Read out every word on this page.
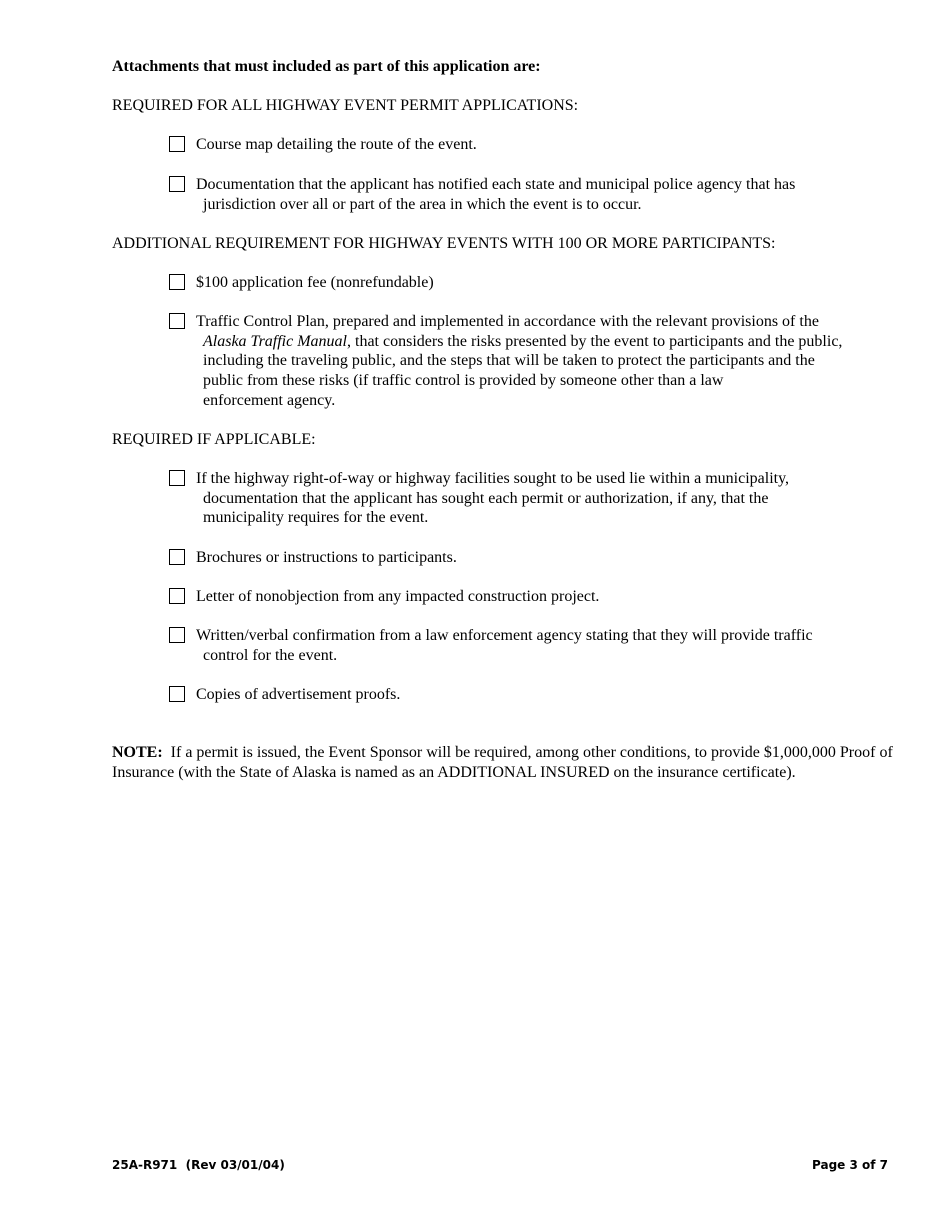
Attachments that must included as part of this application are:
REQUIRED FOR ALL HIGHWAY EVENT PERMIT APPLICATIONS:
Course map detailing the route of the event.
Documentation that the applicant has notified each state and municipal police agency that has
jurisdiction over all or part of the area in which the event is to occur.
ADDITIONAL REQUIREMENT FOR HIGHWAY EVENTS WITH 100 OR MORE PARTICIPANTS:
$100 application fee (nonrefundable)
Traffic Control Plan, prepared and implemented in accordance with the relevant provisions of the
Alaska Traffic Manual, that considers the risks presented by the event to participants and the public,
including the traveling public, and the steps that will be taken to protect the participants and the
public from these risks (if traffic control is provided by someone other than a law
enforcement agency.
REQUIRED IF APPLICABLE:
If the highway right-of-way or highway facilities sought to be used lie within a municipality,
documentation that the applicant has sought each permit or authorization, if any, that the
municipality requires for the event.
Brochures or instructions to participants.
Letter of nonobjection from any impacted construction project.
Written/verbal confirmation from a law enforcement agency stating that they will provide traffic
control for the event.
Copies of advertisement proofs.
NOTE:  If a permit is issued, the Event Sponsor will be required, among other conditions, to provide $1,000,000 Proof of Insurance (with the State of Alaska is named as an ADDITIONAL INSURED on the insurance certificate).
25A-R971  (Rev 03/01/04)	Page 3 of 7
